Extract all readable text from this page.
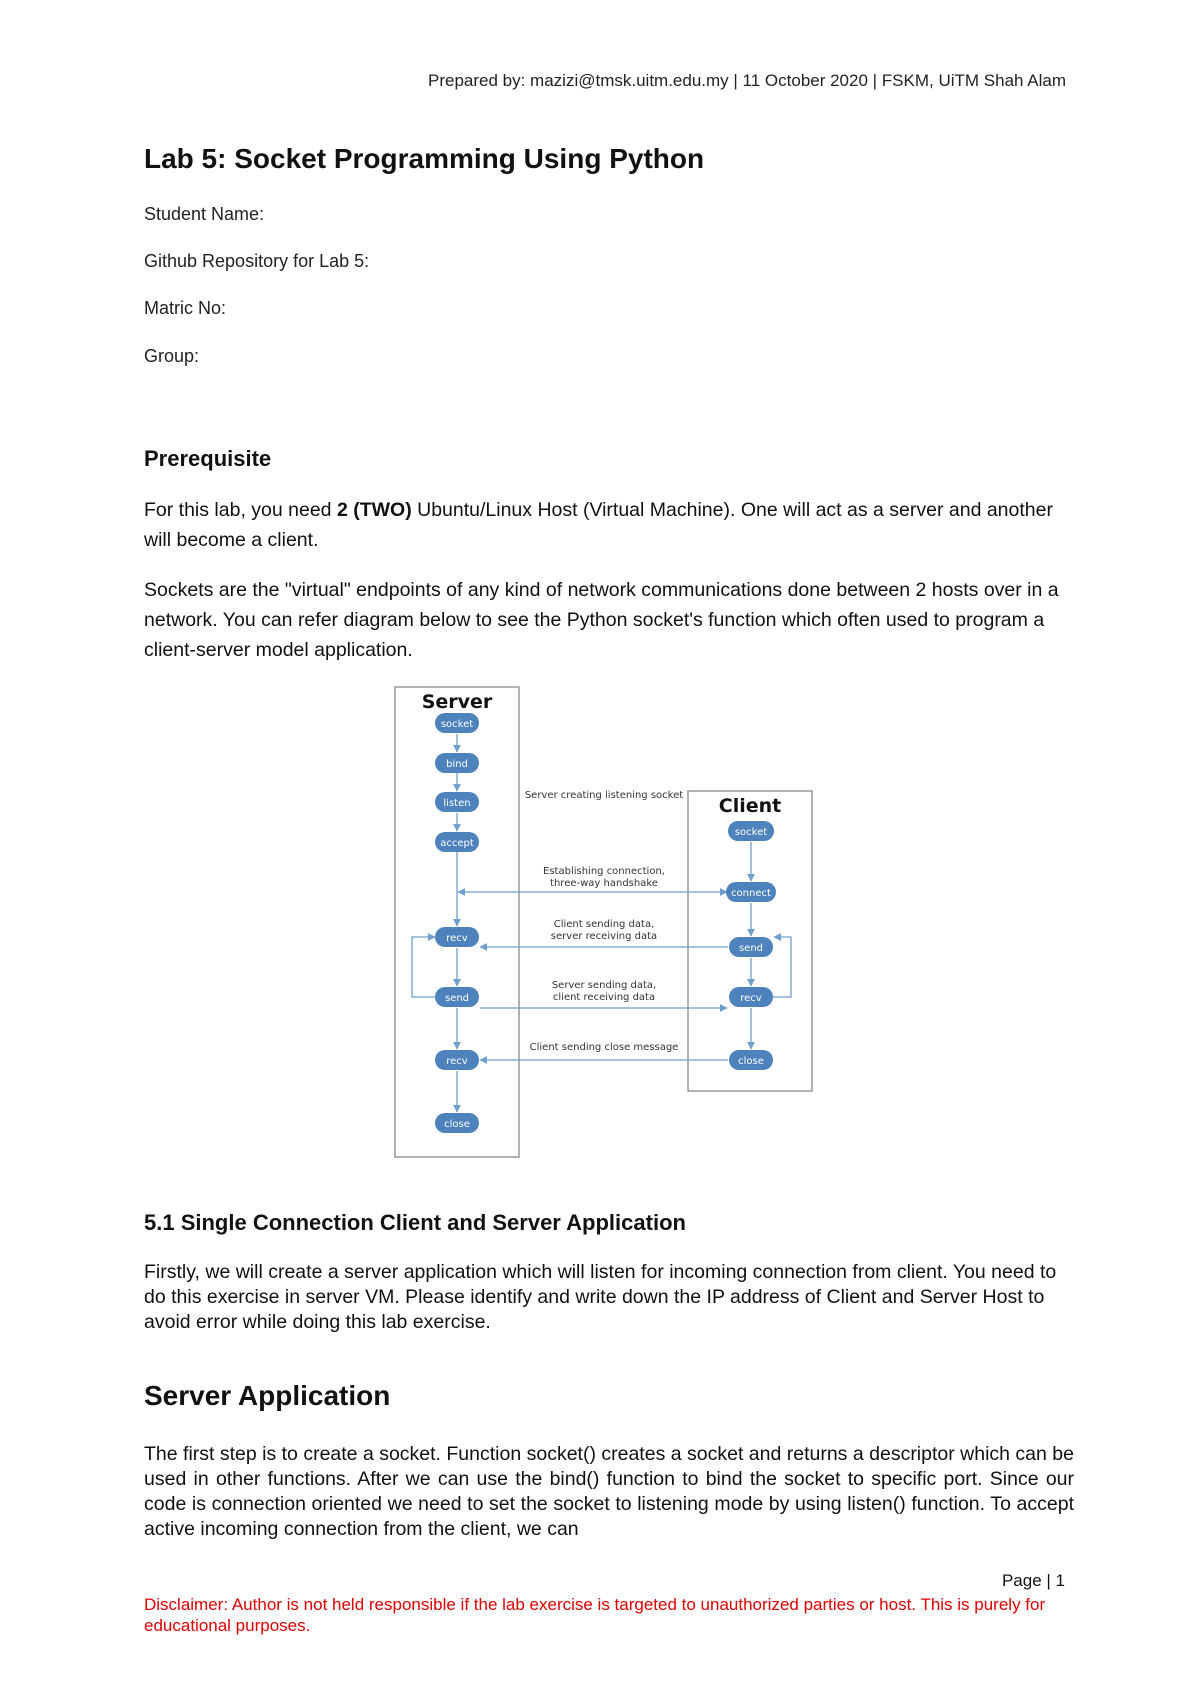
Prepared by: mazizi@tmsk.uitm.edu.my | 11 October 2020 | FSKM, UiTM Shah Alam
Lab 5: Socket Programming Using Python
Student Name:
Github Repository for Lab 5:
Matric No:
Group:
Prerequisite

For this lab, you need 2 (TWO) Ubuntu/Linux Host (Virtual Machine). One will act as a server and another will become a client.

Sockets are the "virtual" endpoints of any kind of network communications done between 2 hosts over in a network. You can refer diagram below to see the Python socket's function which often used to program a client-server model application.

Server
Client
Server creating listening socket
Establishing connection,
three-way handshake
Client sending data,
server receiving data
Server sending data,
client receiving data
Client sending close message
socket
bind
listen
accept
recv
send
recv
close
socket
connect
send
recv
close
5.1 Single Connection Client and Server Application

Firstly, we will create a server application which will listen for incoming connection from client. You need to do this exercise in server VM. Please identify and write down the IP address of Client and Server Host to avoid error while doing this lab exercise.

Server Application

The first step is to create a socket. Function socket() creates a socket and returns a descriptor which can be used in other functions. After we can use the bind() function to bind the socket to specific port. Since our code is connection oriented we need to set the socket to listening mode by using listen() function. To accept active incoming connection from the client, we can

Page | 1
Disclaimer: Author is not held responsible if the lab exercise is targeted to unauthorized parties or host. This is purely for educational purposes.
